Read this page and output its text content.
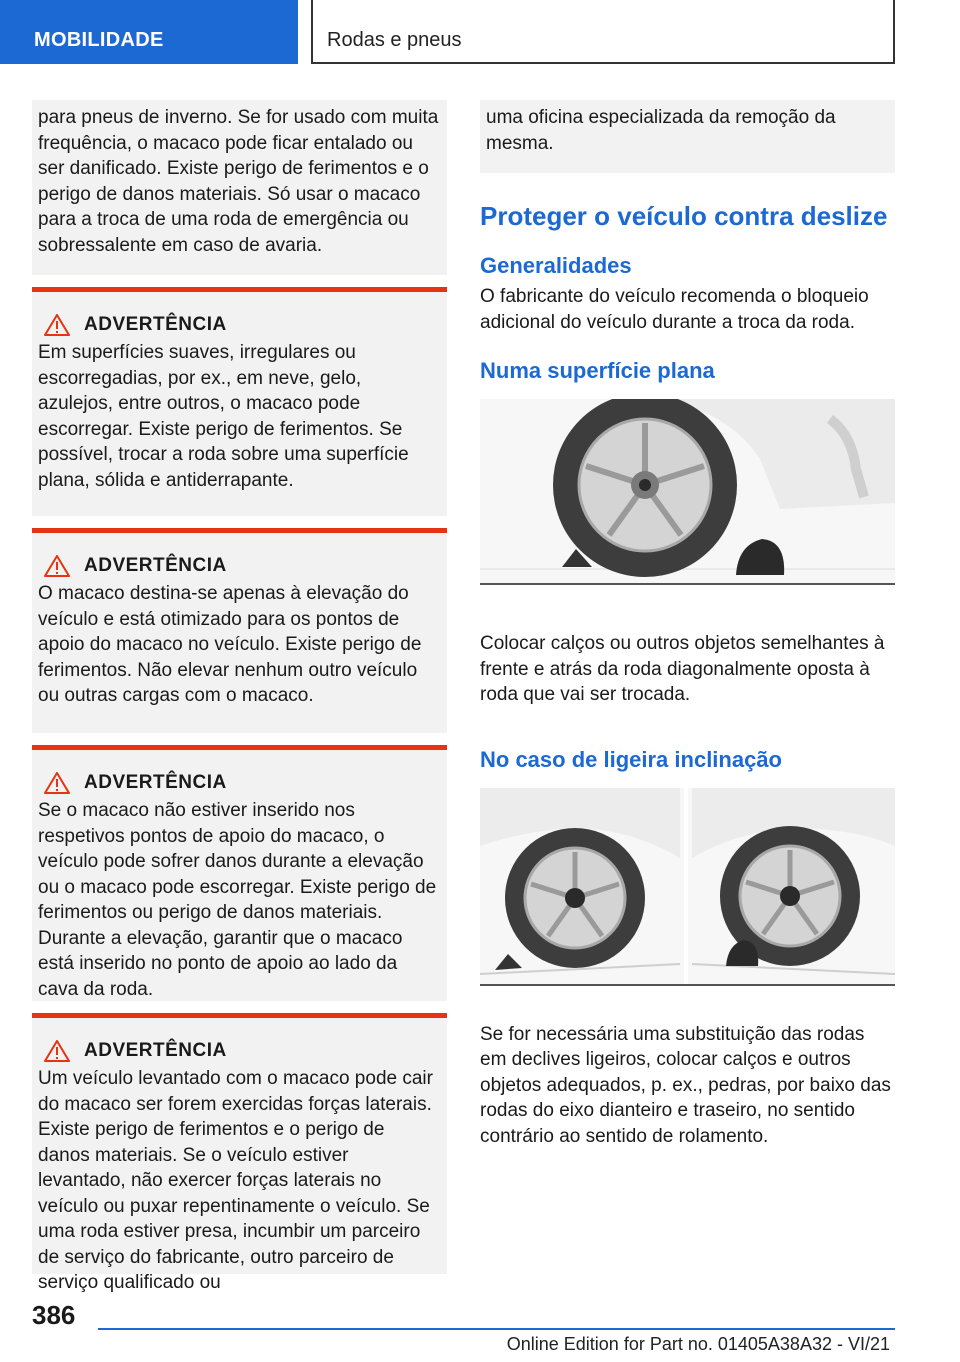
MOBILIDADE	Rodas e pneus

para pneus de inverno. Se for usado com muita frequência, o macaco pode ficar entalado ou ser danificado. Existe perigo de ferimentos e o perigo de danos materiais. Só usar o macaco para a troca de uma roda de emergência ou sobressalente em caso de avaria.

ADVERTÊNCIA

Em superfícies suaves, irregulares ou escorregadias, por ex., em neve, gelo, azulejos, entre outros, o macaco pode escorregar. Existe perigo de ferimentos. Se possível, trocar a roda sobre uma superfície plana, sólida e antiderrapante.

ADVERTÊNCIA

O macaco destina-se apenas à elevação do veículo e está otimizado para os pontos de apoio do macaco no veículo. Existe perigo de ferimentos. Não elevar nenhum outro veículo ou outras cargas com o macaco.

ADVERTÊNCIA

Se o macaco não estiver inserido nos respetivos pontos de apoio do macaco, o veículo pode sofrer danos durante a elevação ou o macaco pode escorregar. Existe perigo de ferimentos ou perigo de danos materiais. Durante a elevação, garantir que o macaco está inserido no ponto de apoio ao lado da cava da roda.

ADVERTÊNCIA

Um veículo levantado com o macaco pode cair do macaco ser forem exercidas forças laterais. Existe perigo de ferimentos e o perigo de danos materiais. Se o veículo estiver levantado, não exercer forças laterais no veículo ou puxar repentinamente o veículo. Se uma roda estiver presa, incumbir um parceiro de serviço do fabricante, outro parceiro de serviço qualificado ou

uma oficina especializada da remoção da mesma.

Proteger o veículo contra deslize
Generalidades

O fabricante do veículo recomenda o bloqueio adicional do veículo durante a troca da roda.

Numa superfície plana

Colocar calços ou outros objetos semelhantes à frente e atrás da roda diagonalmente oposta à roda que vai ser trocada.

No caso de ligeira inclinação

Se for necessária uma substituição das rodas em declives ligeiros, colocar calços e outros objetos adequados, p. ex., pedras, por baixo das rodas do eixo dianteiro e traseiro, no sentido contrário ao sentido de rolamento.

386
Online Edition for Part no. 01405A38A32 - VI/21
